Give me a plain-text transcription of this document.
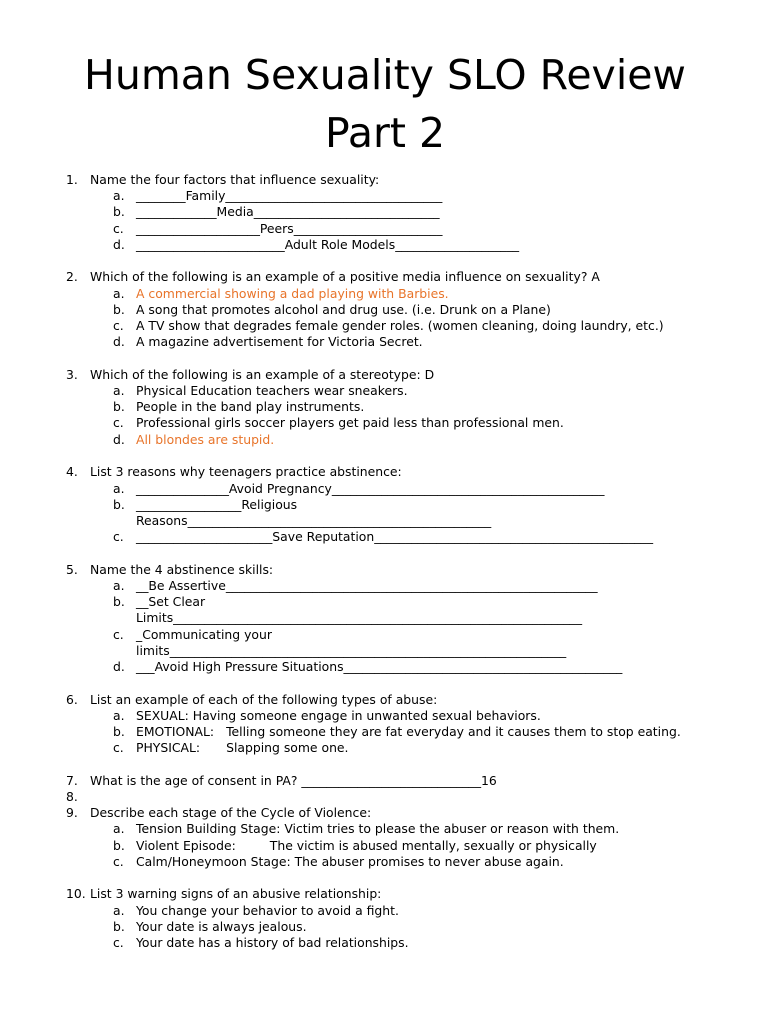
Human Sexuality SLO Review
Part 2
1. Name the four factors that influence sexuality:
a. ________Family___________________________________
b. _____________Media______________________________
c. ____________________Peers________________________
d. ________________________Adult Role Models____________________
2. Which of the following is an example of a positive media influence on sexuality? A
a. A commercial showing a dad playing with Barbies.
b. A song that promotes alcohol and drug use. (i.e. Drunk on a Plane)
c. A TV show that degrades female gender roles. (women cleaning, doing laundry, etc.)
d. A magazine advertisement for Victoria Secret.
3. Which of the following is an example of a stereotype: D
a. Physical Education teachers wear sneakers.
b. People in the band play instruments.
c. Professional girls soccer players get paid less than professional men.
d. All blondes are stupid.
4. List 3 reasons why teenagers practice abstinence:
a. _______________Avoid Pregnancy____________________________________________
b. _________________Religious
Reasons_________________________________________________
c. ______________________Save Reputation_____________________________________________
5. Name the 4 abstinence skills:
a. __Be Assertive____________________________________________________________
b. __Set Clear
Limits__________________________________________________________________
c. _Communicating your
limits________________________________________________________________
d. ___Avoid High Pressure Situations_____________________________________________
6. List an example of each of the following types of abuse:
a. SEXUAL: Having someone engage in unwanted sexual behaviors.
b. EMOTIONAL: Telling someone they are fat everyday and it causes them to stop eating.
c. PHYSICAL: Slapping some one.
7. What is the age of consent in PA? _____________________________16
8.
9. Describe each stage of the Cycle of Violence:
a. Tension Building Stage: Victim tries to please the abuser or reason with them.
b. Violent Episode:	The victim is abused mentally, sexually or physically
c. Calm/Honeymoon Stage: The abuser promises to never abuse again.
10. List 3 warning signs of an abusive relationship:
a. You change your behavior to avoid a fight.
b. Your date is always jealous.
c. Your date has a history of bad relationships.
